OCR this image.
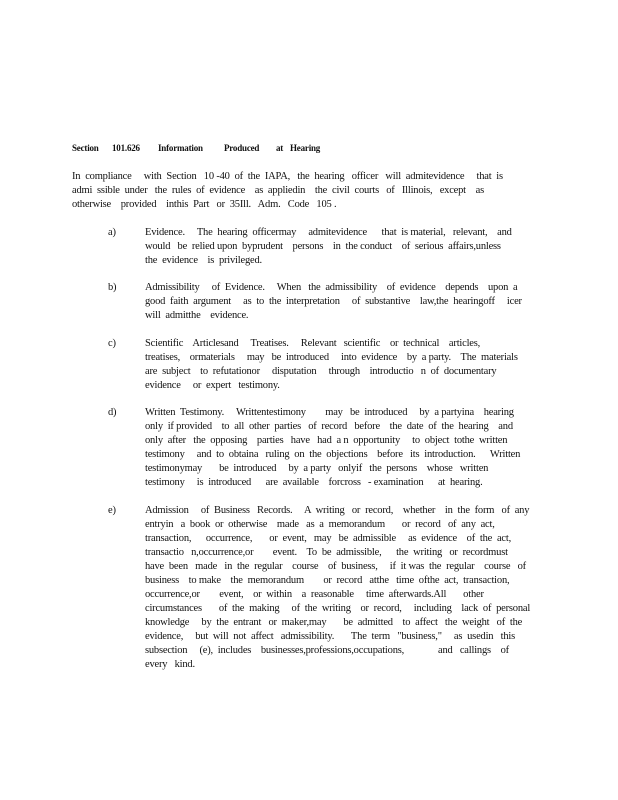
Section 101.626 Information Produced at Hearing
In  compliance     with  Section   10 -40  of  the  IAPA,   the  hearing   officer   will  admitevidence     that  is
admi  ssible  under   the  rules  of  evidence    as  appliedin    the  civil  courts   of   Illinois,   except    as
otherwise    provided    inthis  Part   or  35Ill.   Adm.   Code   105 .
a)	Evidence.     The  hearing  officermay     admitevidence      that  is material,   relevant,    and
would   be  relied upon  byprudent    persons    in  the conduct    of  serious  affairs,unless
the  evidence    is  privileged.
b)	Admissibility     of  Evidence.     When   the  admissibility    of  evidence    depends    upon  a
good  faith  argument     as  to  the  interpretation     of  substantive    law,the  hearingoff     icer
will  admitthe    evidence.
c)	Scientific    Articlesand     Treatises.     Relevant   scientific    or  technical    articles,
treatises,    ormaterials     may   be  introduced     into  evidence    by  a party.    The  materials
are  subject    to  refutationor     disputation     through    introductio   n  of  documentary
evidence     or  expert   testimony.
d)	Written  Testimony.     Writtentestimony        may   be  introduced     by  a partyina    hearing
only  if provided    to  all  other  parties   of  record   before    the  date  of  the  hearing    and
only  after   the  opposing    parties   have   had  a n  opportunity     to  object  tothe  written
testimony     and  to  obtaina   ruling  on  the  objections    before   its  introduction.      Written
testimonymay       be  introduced     by  a party   onlyif   the  persons    whose   written
testimony     is  introduced      are  available    forcross   - examination      at  hearing.
e)	Admission     of  Business   Records.     A  writing   or  record,    whether    in  the  form   of  any
entryin   a  book  or  otherwise    made   as  a  memorandum       or  record   of  any  act,
transaction,      occurrence,       or  event,   may   be  admissible     as  evidence    of  the  act,
transactio   n,occurrence,or        event.    To  be  admissible,      the  writing   or  recordmust
have  been   made   in  the  regular    course    of  business,     if  it was  the  regular    course   of
business    to make    the  memorandum        or  record   atthe   time  ofthe  act,  transaction,
occurrence,or        event,    or  within    a  reasonable     time  afterwards.All       other
circumstances       of  the  making     of  the  writing    or  record,     including    lack  of  personal
knowledge     by  the  entrant   or  maker,may       be  admitted    to  affect   the  weight   of  the
evidence,     but  will  not  affect   admissibility.       The  term   "business,"     as  usedin   this
subsection     (e),  includes    businesses,professions,occupations,              and   callings    of
every   kind.
